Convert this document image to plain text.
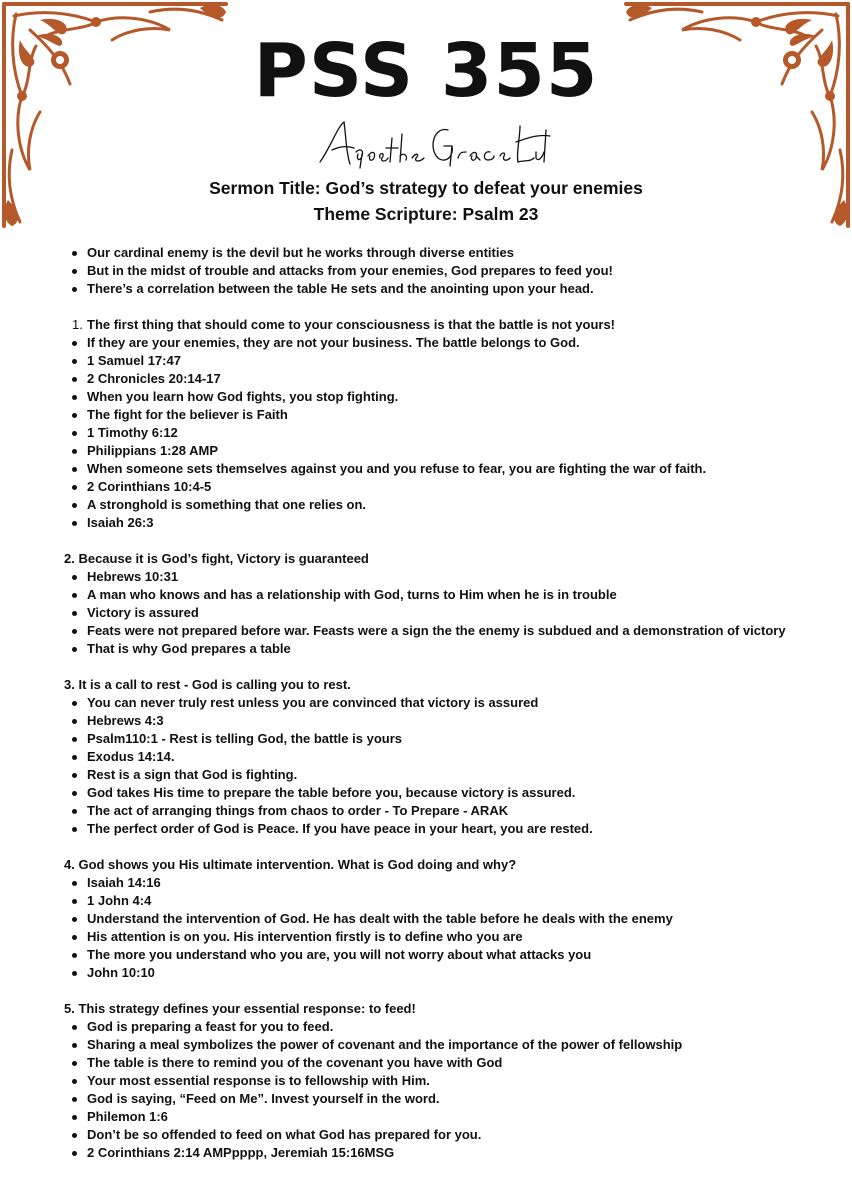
PSS 355

Sermon Title: God’s strategy to defeat your enemies

Theme Scripture: Psalm 23

Our cardinal enemy is the devil but he works through diverse entities
But in the midst of trouble and attacks from your enemies, God prepares to feed you!
There’s a correlation between the table He sets and the anointing upon your head.
1. The first thing that should come to your consciousness is that the battle is not yours!
If they are your enemies, they are not your business. The battle belongs to God.
1 Samuel 17:47
2 Chronicles 20:14-17
When you learn how God fights, you stop fighting.
The fight for the believer is Faith
1 Timothy 6:12
Philippians 1:28 AMP
When someone sets themselves against you and you refuse to fear, you are fighting the war of faith.
2 Corinthians 10:4-5
A stronghold is something that one relies on.
Isaiah 26:3

2. Because it is God’s fight, Victory is guaranteed

Hebrews 10:31
A man who knows and has a relationship with God, turns to Him when he is in trouble
Victory is assured
Feats were not prepared before war. Feasts were a sign the the enemy is subdued and a demonstration of victory
That is why God prepares a table

3. It is a call to rest - God is calling you to rest.

You can never truly rest unless you are convinced that victory is assured
Hebrews 4:3
Psalm110:1 - Rest is telling God, the battle is yours
Exodus 14:14.
Rest is a sign that God is fighting.
God takes His time to prepare the table before you, because victory is assured.
The act of arranging things from chaos to order - To Prepare - ARAK
The perfect order of God is Peace. If you have peace in your heart, you are rested.

4. God shows you His ultimate intervention. What is God doing and why?

Isaiah 14:16
1 John 4:4
Understand the intervention of God. He has dealt with the table before he deals with the enemy
His attention is on you. His intervention firstly is to define who you are
The more you understand who you are, you will not worry about what attacks you
John 10:10

5. This strategy defines your essential response: to feed!

God is preparing a feast for you to feed.
Sharing a meal symbolizes the power of covenant and the importance of the power of fellowship
The table is there to remind you of the covenant you have with God
Your most essential response is to fellowship with Him.
God is saying, “Feed on Me”. Invest yourself in the word.
Philemon 1:6
Don’t be so offended to feed on what God has prepared for you.
2 Corinthians 2:14 AMPpppp, Jeremiah 15:16MSG
